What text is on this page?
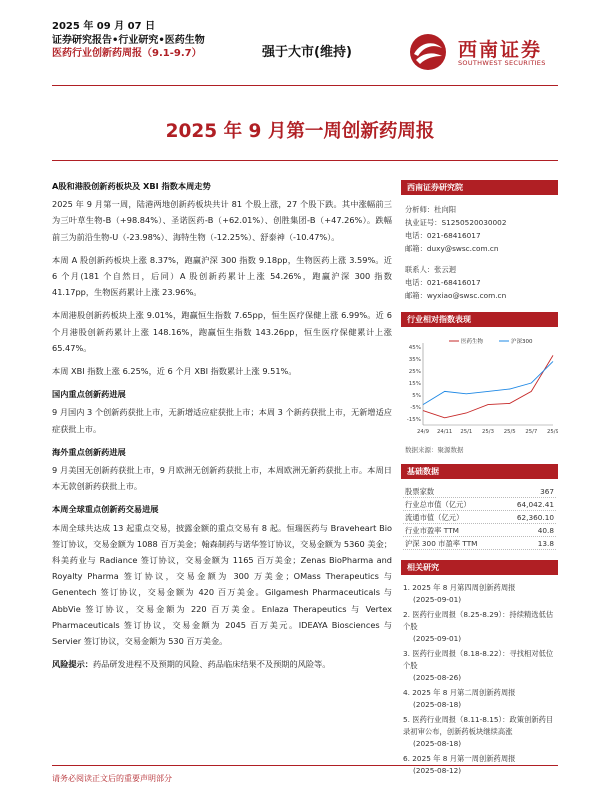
2025 年 09 月 07 日
证券研究报告•行业研究•医药生物
医药行业创新药周报（9.1-9.7）	强于大市(维持)	西南证券
SOUTHWEST SECURITIES
2025 年 9 月第一周创新药周报
A股和港股创新药板块及 XBI 指数本周走势

2025 年 9 月第一周，陆港两地创新药板块共计 81 个股上涨，27 个股下跌。其中涨幅前三为三叶草生物-B（+98.84%）、圣诺医药-B（+62.01%）、创胜集团-B（+47.26%）。跌幅前三为前沿生物-U（-23.98%）、海特生物（-12.25%）、舒泰神（-10.47%）。

本周 A 股创新药板块上涨 8.37%，跑赢沪深 300 指数 9.18pp，生物医药上涨 3.59%。近 6 个月(181 个自然日，后同）A 股创新药累计上涨 54.26%，跑赢沪深 300 指数 41.17pp，生物医药累计上涨 23.96%。

本周港股创新药板块上涨 9.01%，跑赢恒生指数 7.65pp，恒生医疗保健上涨 6.99%。近 6 个月港股创新药累计上涨 148.16%，跑赢恒生指数 143.26pp，恒生医疗保健累计上涨 65.47%。

本周 XBI 指数上涨 6.25%，近 6 个月 XBI 指数累计上涨 9.51%。

国内重点创新药进展

9 月国内 3 个创新药获批上市，无新增适应症获批上市；本周 3 个新药获批上市，无新增适应症获批上市。

海外重点创新药进展

9 月美国无创新药获批上市，9 月欧洲无创新药获批上市，本周欧洲无新药获批上市。本周日本无款创新药获批上市。

本周全球重点创新药交易进展

本周全球共达成 13 起重点交易，披露金额的重点交易有 8 起。恒瑞医药与 Braveheart Bio 签订协议，交易金额为 1088 百万美金；翰森制药与诺华签订协议，交易金额为 5360 美金；科美药业与 Radiance 签订协议，交易金额为 1165 百万美金；Zenas BioPharma and Royalty Pharma 签订协议，交易金额为 300 万美金；OMass Therapeutics 与 Genentech 签订协议，交易金额为 420 百万美金。Gilgamesh Pharmaceuticals 与 AbbVie 签订协议，交易金额为 220 百万美金。Enlaza Therapeutics 与 Vertex Pharmaceuticals 签订协议，交易金额为 2045 百万美元。IDEAYA Biosciences 与 Servier 签订协议，交易金额为 530 百万美金。

风险提示：药品研发进程不及预期的风险、药品临床结果不及预期的风险等。

西南证券研究院
分析师：杜向阳
执业证号：S1250520030002
电话：021-68416017
邮箱：duxy@swsc.com.cn
联系人：张云迥
电话：021-68416017
邮箱：wyxiao@swsc.com.cn
行业相对指数表现
45%
35%
25%
15%
5%
-5%
-15%
24/9 24/11 25/1 25/3 25/5 25/7 25/9
医药生物	沪深300
数据来源：聚源数据
基础数据
股票家数	367
行业总市值（亿元）	64,042.41
流通市值（亿元）	62,360.10
行业市盈率 TTM	40.8
沪深 300 市盈率 TTM	13.8
相关研究
1. 2025 年 8 月第四周创新药周报
(2025-09-01)
2. 医药行业周报（8.25-8.29）：持续精选低估个股
(2025-09-01)
3. 医药行业周报（8.18-8.22）：寻找相对低位个股
(2025-08-26)
4. 2025 年 8 月第二周创新药周报
(2025-08-18)
5. 医药行业周报（8.11-8.15）：政策创新药目录初审公布，创新药板块继续高涨
(2025-08-18)
6. 2025 年 8 月第一周创新药周报
(2025-08-12)
请务必阅读正文后的重要声明部分
